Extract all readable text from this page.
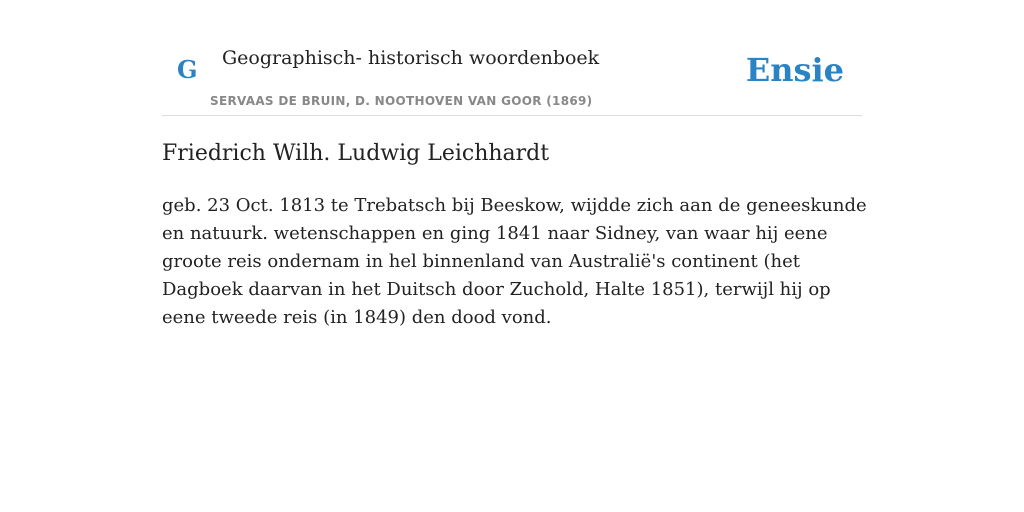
G Geographisch- historisch woordenboek
SERVAAS DE BRUIN, D. NOOTHOVEN VAN GOOR (1869)
Ensie
Friedrich Wilh. Ludwig Leichhardt

geb. 23 Oct. 1813 te Trebatsch bij Beeskow, wijdde zich aan de geneeskunde en natuurk. wetenschappen en ging 1841 naar Sidney, van waar hij eene groote reis ondernam in hel binnenland van Australië's continent (het Dagboek daarvan in het Duitsch door Zuchold, Halte 1851), terwijl hij op eene tweede reis (in 1849) den dood vond.
